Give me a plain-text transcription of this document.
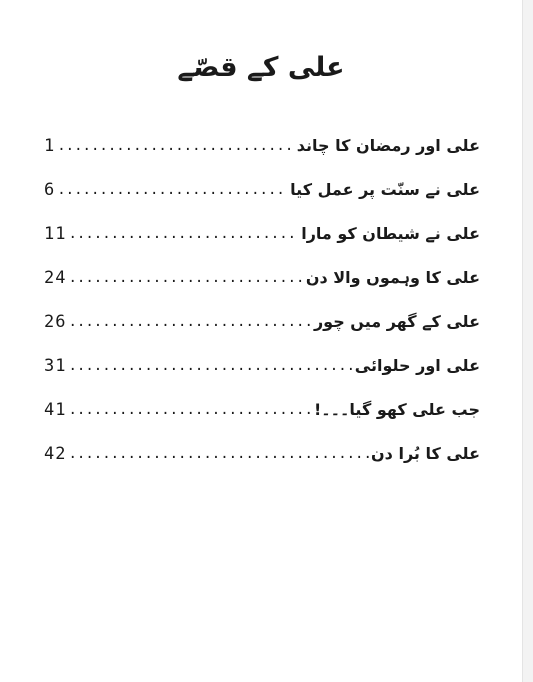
علی کے قصّے
علی اور رمضان کا چاند
.....
1
علی نے سنّت پر عمل کیا
.....
6
علی نے شیطان کو مارا
.....
11
علی کا وہموں والا دن
.....
24
علی کے گھر میں چور
.....
26
علی اور حلوائی
.....
31
جب علی کھو گیا۔۔۔!
.....
41
علی کا بُرا دن
.....
42
